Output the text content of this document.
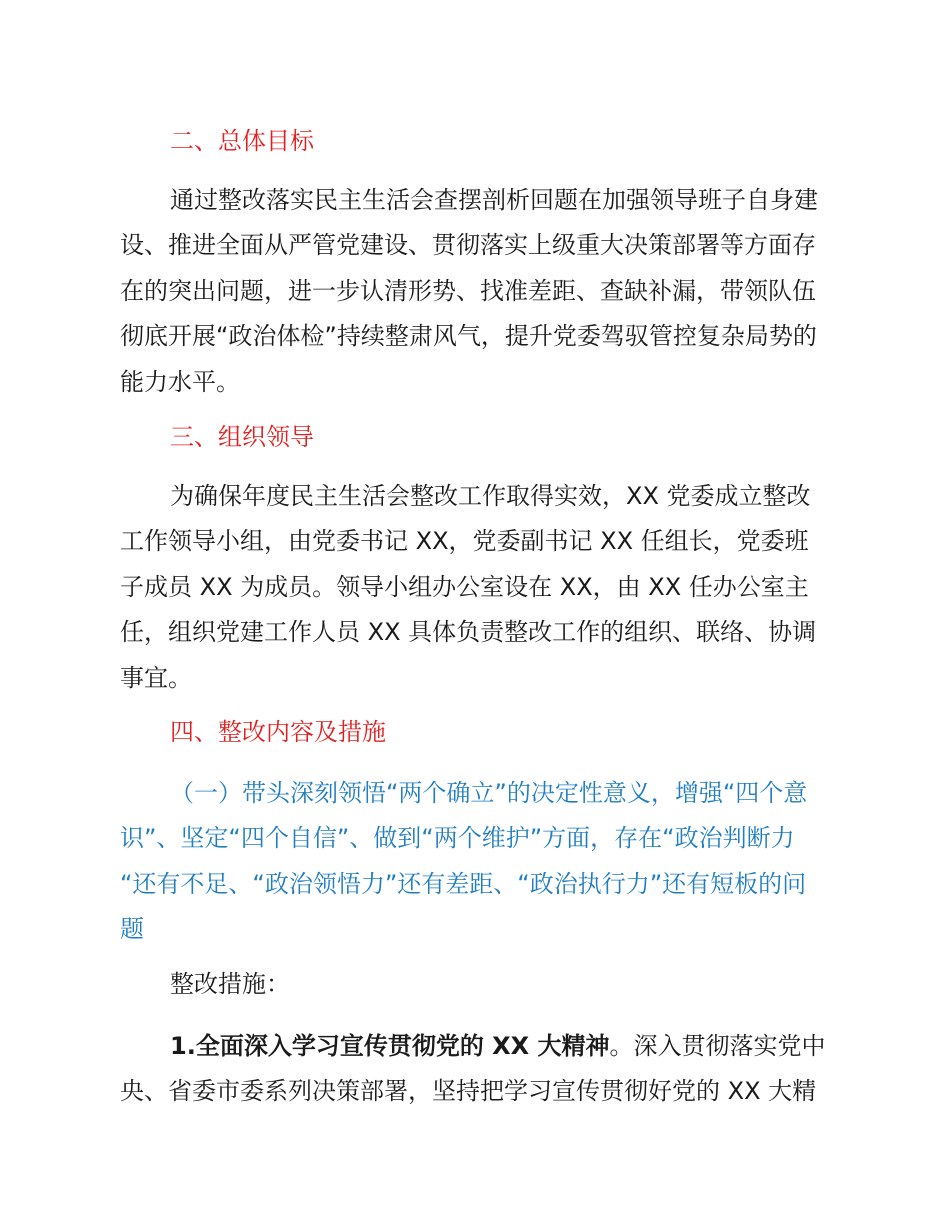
二、总体目标
通过整改落实民主生活会查摆剖析回题在加强领导班子自身建
设、推进全面从严管党建设、贯彻落实上级重大决策部署等方面存
在的突出问题，进一步认清形势、找准差距、查缺补漏，带领队伍
彻底开展“政治体检”持续整肃风气，提升党委驾驭管控复杂局势的
能力水平。
三、组织领导
为确保年度民主生活会整改工作取得实效，XX 党委成立整改
工作领导小组，由党委书记 XX，党委副书记 XX 任组长，党委班
子成员 XX 为成员。领导小组办公室设在 XX，由 XX 任办公室主
任，组织党建工作人员 XX 具体负责整改工作的组织、联络、协调
事宜。
四、整改内容及措施
（一）带头深刻领悟“两个确立”的决定性意义，增强“四个意
识”、坚定“四个自信”、做到“两个维护”方面，存在“政治判断力
“还有不足、“政治领悟力”还有差距、“政治执行力”还有短板的问
题
整改措施：
1.全面深入学习宣传贯彻党的 XX 大精神。深入贯彻落实党中
央、省委市委系列决策部署，坚持把学习宣传贯彻好党的 XX 大精
